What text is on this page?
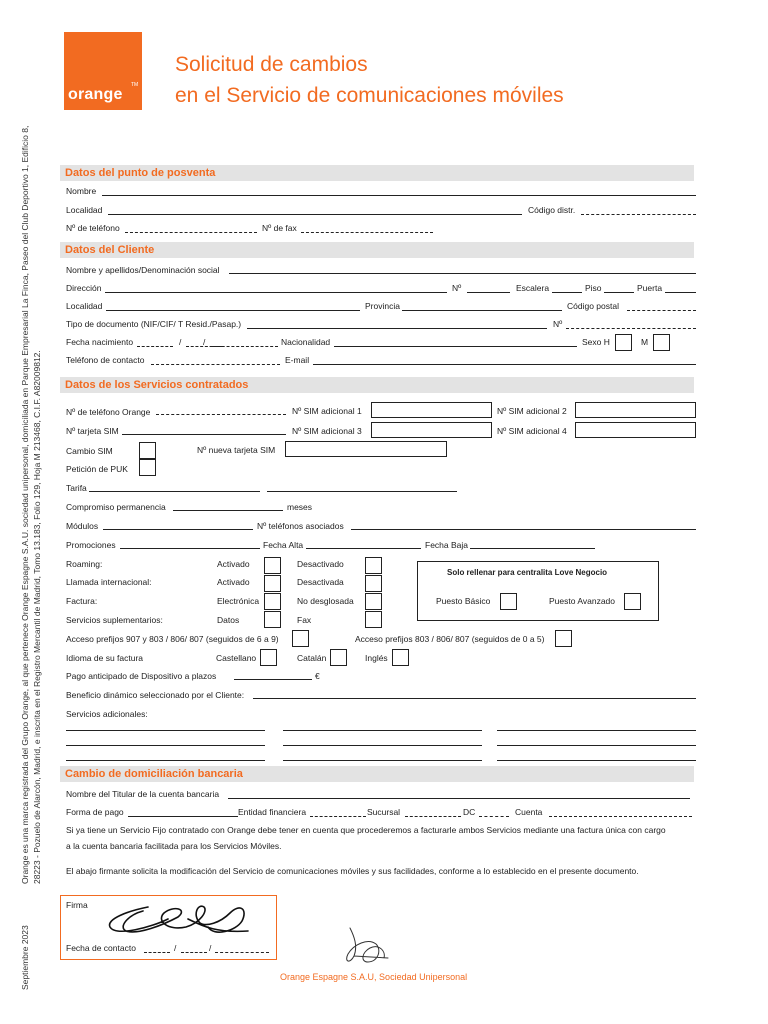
orange
TM
Solicitud de cambios
en el Servicio de comunicaciones móviles
Orange es una marca registrada del Grupo Orange, al que pertenece Orange Espagne S.A.U. sociedad unipersonal, domiciliada en Parque Empresarial La Finca, Paseo del Club Deportivo 1, Edificio 8, 28223 - Pozuelo de Alarcón, Madrid, e inscrita en el Registro Mercantil de Madrid, Tomo 13.183, Folio 129, Hoja M 213468, C.I.F. A82009812.
Septiembre 2023
Datos del punto de posventa
Nombre
Localidad	Código distr.
Nº de teléfono	Nº de fax
Datos del Cliente
Nombre y apellidos/Denominación social
Dirección	Nº	Escalera	Piso	Puerta
Localidad	Provincia	Código postal
Tipo de documento (NIF/CIF/ T Resid./Pasap.)	Nº
Fecha nacimiento	/	/	Nacionalidad	Sexo H	M
Teléfono de contacto	E-mail
Datos de los Servicios contratados
Nº de teléfono Orange	Nº SIM adicional 1	Nº SIM adicional 2
Nº tarjeta SIM	Nº SIM adicional 3	Nº SIM adicional 4
Cambio SIM	Nº nueva tarjeta SIM
Petición de PUK
Tarifa
Compromiso permanencia	meses
Módulos	Nº teléfonos asociados
Promociones	Fecha Alta	Fecha Baja
Roaming:	Activado	Desactivado
Llamada internacional:	Activado	Desactivada
Factura:	Electrónica	No desglosada
Servicios suplementarios:	Datos	Fax
Solo rellenar para centralita Love Negocio
Puesto Básico	Puesto Avanzado
Acceso prefijos 907 y 803 / 806/ 807 (seguidos de 6 a 9)	Acceso prefijos 803 / 806/ 807 (seguidos de 0 a 5)
Idioma de su factura	Castellano	Catalán	Inglés
Pago anticipado de Dispositivo a plazos	€
Beneficio dinámico seleccionado por el Cliente:
Servicios adicionales:
Cambio de domiciliación bancaria
Nombre del Titular de la cuenta bancaria
Forma de pago	Entidad financiera	Sucursal	DC	Cuenta
Si ya tiene un Servicio Fijo contratado con Orange debe tener en cuenta que procederemos a facturarle ambos Servicios mediante una factura única con cargo
a la cuenta bancaria facilitada para los Servicios Móviles.
El abajo firmante solicita la modificación del Servicio de comunicaciones móviles y sus facilidades, conforme a lo establecido en el presente documento.
Firma
Fecha de contacto	/	/
Orange Espagne S.A.U, Sociedad Unipersonal
